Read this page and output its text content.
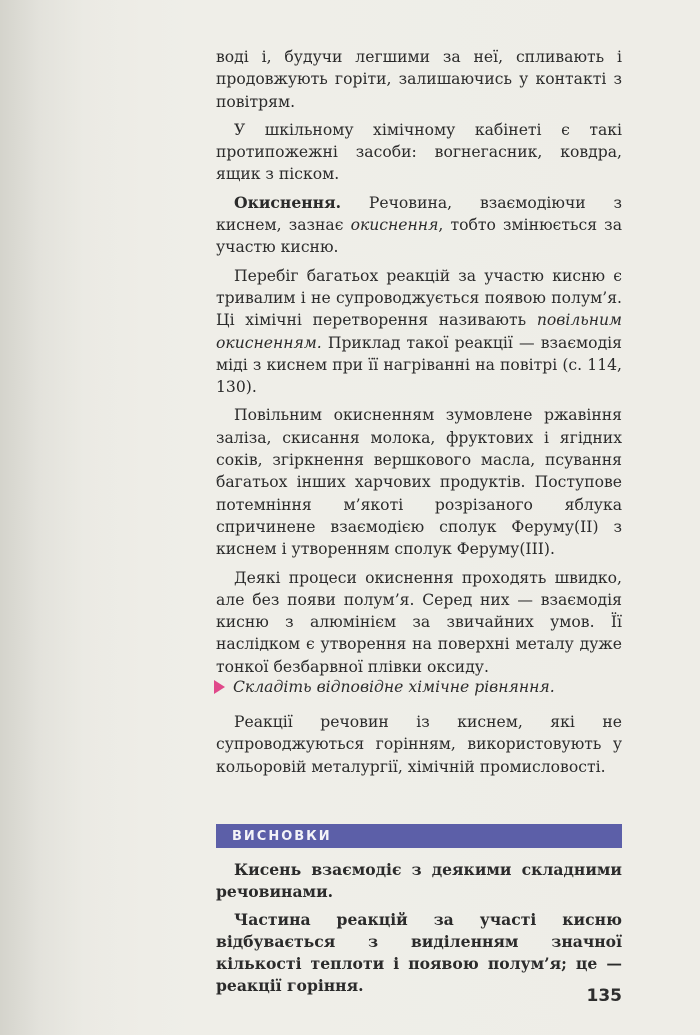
воді і, будучи легшими за неї, спливають і продовжують горіти, залишаючись у контакті з повітрям.

У шкільному хімічному кабінеті є такі протипожежні засоби: вогнегасник, ковдра, ящик з піском.

Окиснення. Речовина, взаємодіючи з киснем, зазнає окиснення, тобто змінюється за участю кисню.

Перебіг багатьох реакцій за участю кисню є тривалим і не супроводжується появою полум’я. Ці хімічні перетворення називають повільним окисненням. Приклад такої реакції — взаємодія міді з киснем при її нагріванні на повітрі (с. 114, 130).

Повільним окисненням зумовлене ржавіння заліза, скисання молока, фруктових і ягідних соків, згіркнення вершкового масла, псування багатьох інших харчових продуктів. Поступове потемніння м’якоті розрізаного яблука спричинене взаємодією сполук Феруму(II) з киснем і утворенням сполук Феруму(III).

Деякі процеси окиснення проходять швидко, але без появи полум’я. Серед них — взаємодія кисню з алюмінієм за звичайних умов. Її наслідком є утворення на поверхні металу дуже тонкої безбарвної плівки оксиду.

Складіть відповідне хімічне рівняння.

Реакції речовин із киснем, які не супроводжуються горінням, використовують у кольоровій металургії, хімічній промисловості.

ВИСНОВКИ

Кисень взаємодіє з деякими складними речовинами.

Частина реакцій за участі кисню відбувається з виділенням значної кількості теплоти і появою полум’я; це — реакції горіння.

135
